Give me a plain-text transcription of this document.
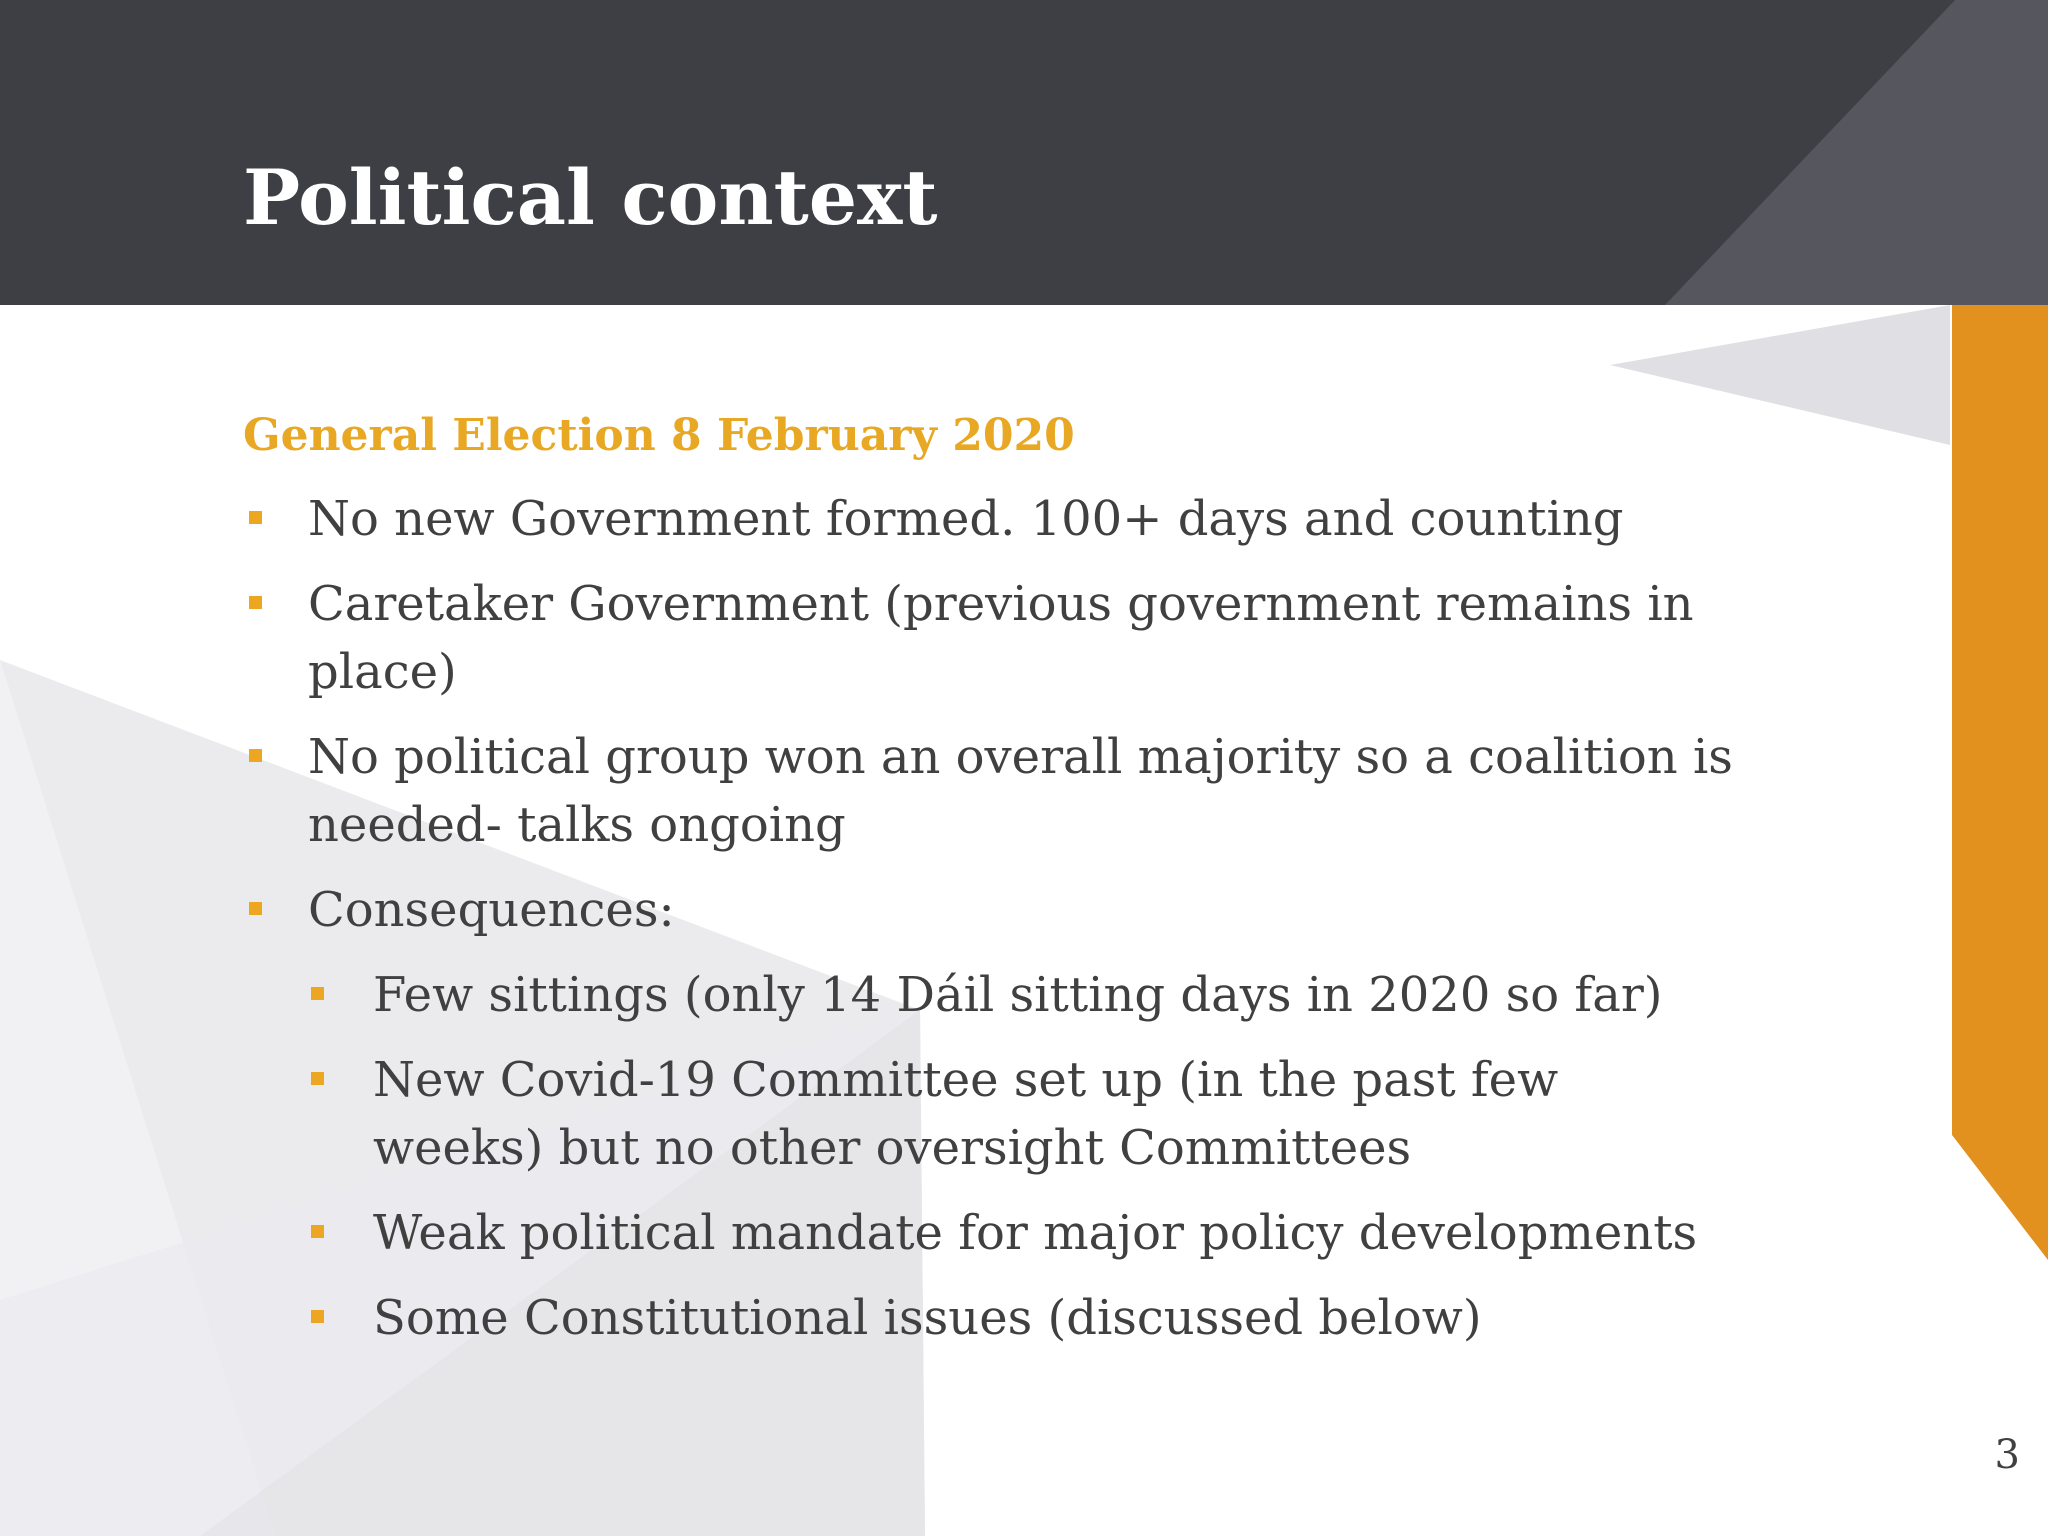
Political context
General Election 8 February 2020
No new Government formed. 100+ days and counting
Caretaker Government (previous government remains in place)
No political group won an overall majority so a coalition is needed- talks ongoing
Consequences:
Few sittings (only 14 Dáil sitting days in 2020 so far)
New Covid-19 Committee set up (in the past few weeks) but no other oversight Committees
Weak political mandate for major policy developments
Some Constitutional issues (discussed below)
3
